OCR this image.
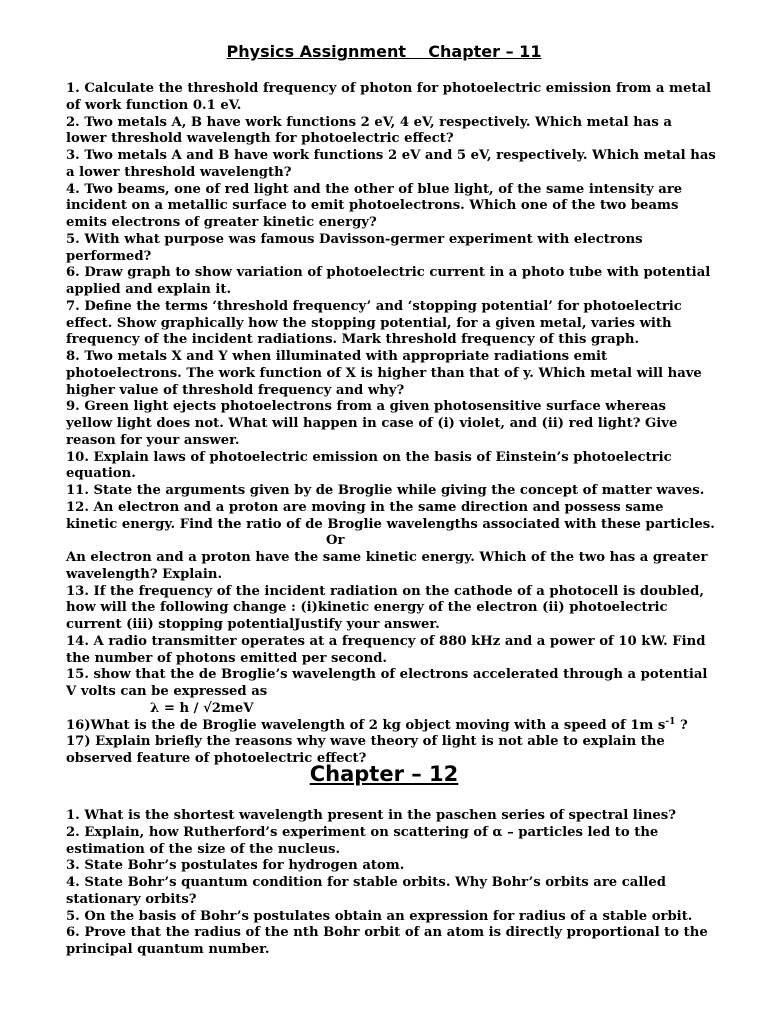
Physics Assignment    Chapter – 11

1. Calculate the threshold frequency of photon for photoelectric emission from a metal of work function 0.1 eV.

2. Two metals A, B have work functions 2 eV, 4 eV, respectively. Which metal has a lower threshold wavelength for photoelectric effect?

3. Two metals A and B have work functions 2 eV and 5 eV, respectively. Which metal has a lower threshold wavelength?

4. Two beams, one of red light and the other of blue light, of the same intensity are incident on a metallic surface to emit photoelectrons. Which one of the two beams emits electrons of greater kinetic energy?

5. With what purpose was famous Davisson-germer experiment with electrons performed?

6. Draw graph to show variation of photoelectric current in a photo tube with potential applied and explain it.

7. Define the terms ‘threshold frequency’ and ‘stopping potential’ for photoelectric effect. Show graphically how the stopping potential, for a given metal, varies with frequency of the incident radiations. Mark threshold frequency of this graph.

8. Two metals X and Y when illuminated with appropriate radiations emit photoelectrons. The work function of X is higher than that of y. Which metal will have higher value of threshold frequency and why?

9. Green light ejects photoelectrons from a given photosensitive surface whereas yellow light does not. What will happen in case of (i) violet, and (ii) red light? Give reason for your answer.

10. Explain laws of photoelectric emission on the basis of Einstein’s photoelectric equation.

11. State the arguments given by de Broglie while giving the concept of matter waves.

12. An electron and a proton are moving in the same direction and possess same kinetic energy. Find the ratio of de Broglie wavelengths associated with these particles.

Or

An electron and a proton have the same kinetic energy. Which of the two has a greater wavelength? Explain.

13. If the frequency of the incident radiation on the cathode of a photocell is doubled, how will the following change : (i)kinetic energy of the electron (ii) photoelectric current (iii) stopping potentialJustify your answer.

14. A radio transmitter operates at a frequency of 880 kHz and a power of 10 kW. Find the number of photons emitted per second.

15. show that the de Broglie’s wavelength of electrons accelerated through a potential V volts can be expressed as

λ = h / √2meV

16)What is the de Broglie wavelength of 2 kg object moving with a speed of 1m $s^{-1}$ ?

17) Explain briefly the reasons why wave theory of light is not able to explain the observed feature of photoelectric effect?

Chapter – 12

1. What is the shortest wavelength present in the paschen series of spectral lines?

2. Explain, how Rutherford’s experiment on scattering of α – particles led to the estimation of the size of the nucleus.

3. State Bohr’s postulates for hydrogen atom.

4. State Bohr’s quantum condition for stable orbits. Why Bohr’s orbits are called stationary orbits?

5. On the basis of Bohr’s postulates obtain an expression for radius of a stable orbit.

6. Prove that the radius of the nth Bohr orbit of an atom is directly proportional to the principal quantum number.
